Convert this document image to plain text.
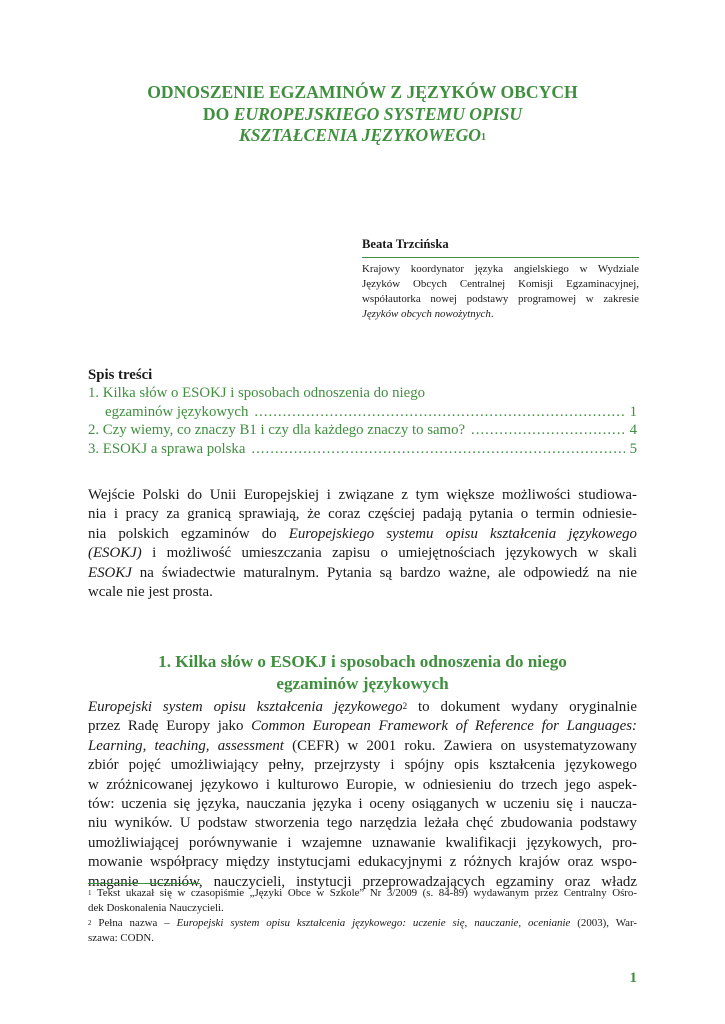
ODNOSZENIE EGZAMINÓW Z JĘZYKÓW OBCYCH
DO EUROPEJSKIEGO SYSTEMU OPISU
KSZTAŁCENIA JĘZYKOWEGO$^1$
Beata Trzcińska
Krajowy koordynator języka angielskiego w Wydziale
Języków Obcych Centralnej Komisji Egzaminacyjnej,
współautorka nowej podstawy programowej w zakresie
Języków obcych nowożytnych.
Spis treści
1. Kilka słów o ESOKJ i sposobach odnoszenia do niego
egzaminów językowych .....	1
2. Czy wiemy, co znaczy B1 i czy dla każdego znaczy to samo? .....	4
3. ESOKJ a sprawa polska .....	5

Wejście Polski do Unii Europejskiej i związane z tym większe możliwości studiowa-
nia i pracy za granicą sprawiają, że coraz częściej padają pytania o termin odniesie-
nia polskich egzaminów do Europejskiego systemu opisu kształcenia językowego
(ESOKJ) i możliwość umieszczania zapisu o umiejętnościach językowych w skali
ESOKJ na świadectwie maturalnym. Pytania są bardzo ważne, ale odpowiedź na nie
wcale nie jest prosta.

1. Kilka słów o ESOKJ i sposobach odnoszenia do niego
egzaminów językowych

Europejski system opisu kształcenia językowego$^2$ to dokument wydany oryginalnie
przez Radę Europy jako Common European Framework of Reference for Languages:
Learning, teaching, assessment (CEFR) w 2001 roku. Zawiera on usystematyzowany
zbiór pojęć umożliwiający pełny, przejrzysty i spójny opis kształcenia językowego
w zróżnicowanej językowo i kulturowo Europie, w odniesieniu do trzech jego aspek-
tów: uczenia się języka, nauczania języka i oceny osiąganych w uczeniu się i naucza-
niu wyników. U podstaw stworzenia tego narzędzia leżała chęć zbudowania podstawy
umożliwiającej porównywanie i wzajemne uznawanie kwalifikacji językowych, pro-
mowanie współpracy między instytucjami edukacyjnymi z różnych krajów oraz wspo-
maganie uczniów, nauczycieli, instytucji przeprowadzających egzaminy oraz władz

$^1$ Tekst ukazał się w czasopiśmie „Języki Obce w Szkole” Nr 3/2009 (s. 84-89) wydawanym przez Centralny Ośro-
dek Doskonalenia Nauczycieli.
$^2$ Pełna nazwa – Europejski system opisu kształcenia językowego: uczenie się, nauczanie, ocenianie (2003), War-
szawa: CODN.
1
